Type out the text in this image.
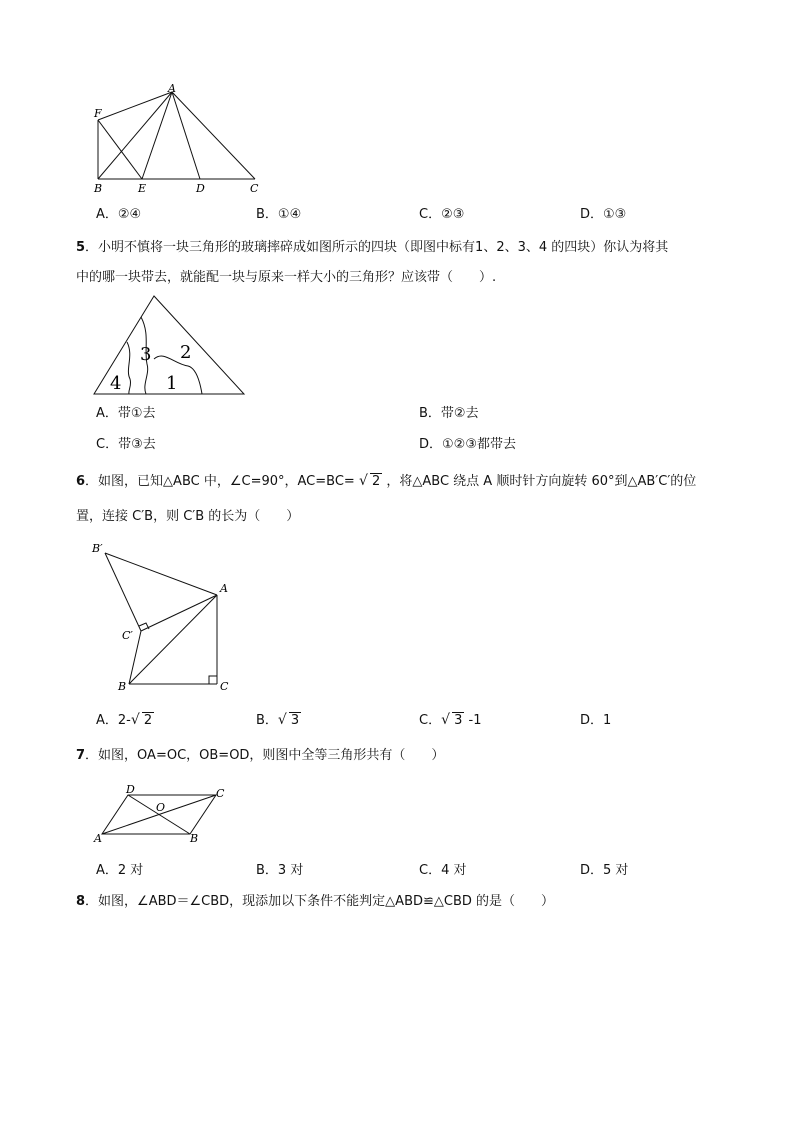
A
F
B	E	D	C
A．②④	B．①④	C．②③	D．①③
5．小明不慎将一块三角形的玻璃摔碎成如图所示的四块（即图中标有1、2、3、4 的四块）你认为将其
中的哪一块带去，就能配一块与原来一样大小的三角形？应该带（　　）.
3 2
4 1
A．带①去	B．带②去
C．带③去	D．①②③都带去
6．如图，已知△ABC 中，∠C=90°，AC=BC= √ 2 ，将△ABC 绕点 A 顺时针方向旋转 60°到△AB′C′的位
置，连接 C′B，则 C′B 的长为（　　）
B′
A
C′
B	C
A．2- √ 2	B． √ 3	C． √ 3 -1	D．1
7．如图，OA=OC，OB=OD，则图中全等三角形共有（　　）
D	C
O
A	B
A．2 对	B．3 对	C．4 对	D．5 对
8．如图，∠ABD＝∠CBD，现添加以下条件不能判定△ABD≌△CBD 的是（　　）
